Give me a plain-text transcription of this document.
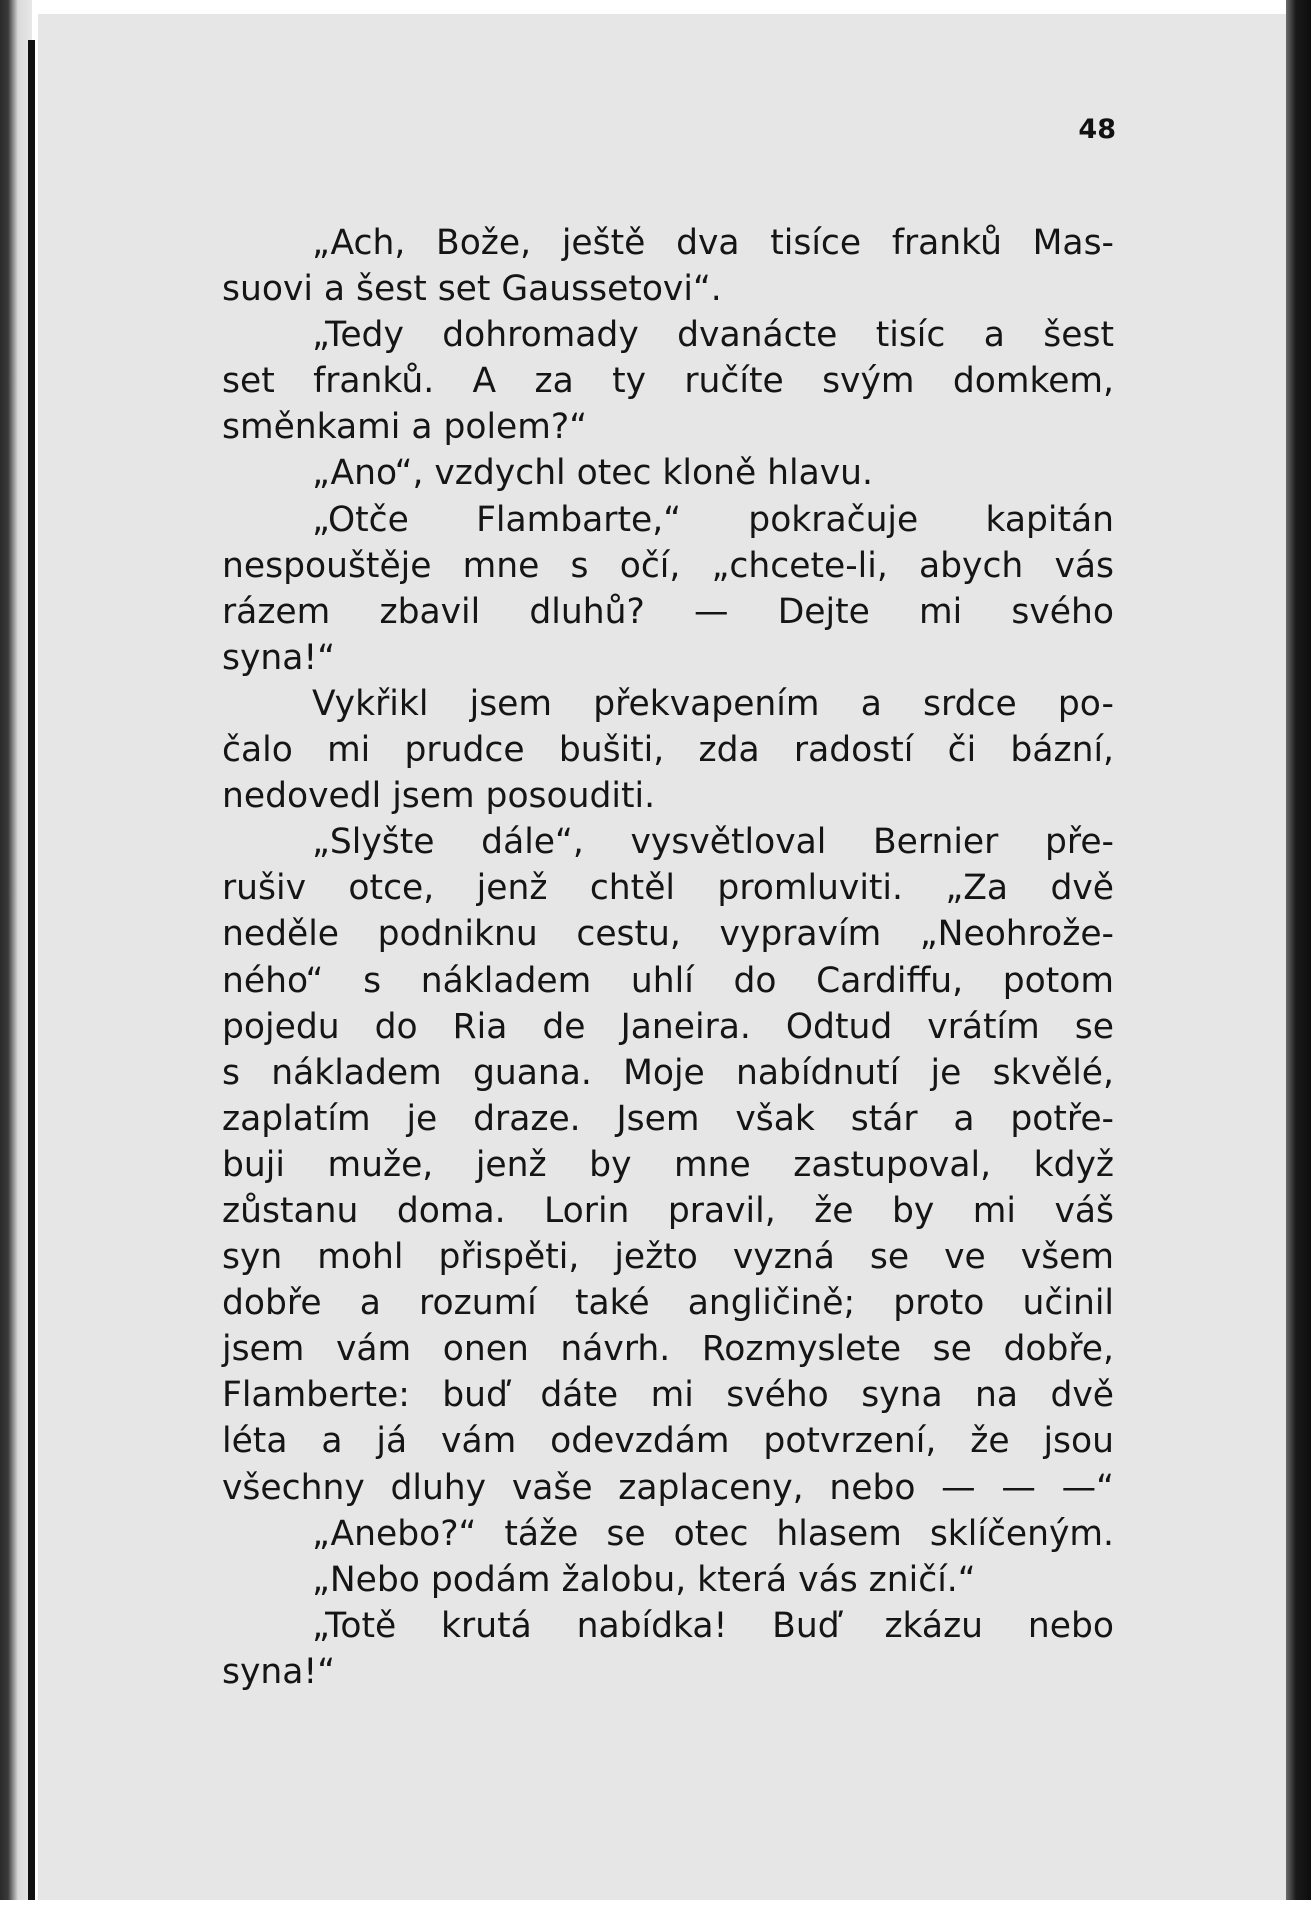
48
„Ach, Bože, ještě dva tisíce franků Mas-
suovi a šest set Gaussetovi“.
„Tedy dohromady dvanácte tisíc a šest
set franků. A za ty ručíte svým domkem,
směnkami a polem?“
„Ano“, vzdychl otec kloně hlavu.
„Otče Flambarte,“ pokračuje kapitán
nespouštěje mne s očí, „chcete-li, abych vás
rázem zbavil dluhů? — Dejte mi svého
syna!“
Vykřikl jsem překvapením a srdce po-
čalo mi prudce bušiti, zda radostí či bázní,
nedovedl jsem posouditi.
„Slyšte dále“, vysvětloval Bernier pře-
rušiv otce, jenž chtěl promluviti. „Za dvě
neděle podniknu cestu, vypravím „Neohrože-
ného“ s nákladem uhlí do Cardiffu, potom
pojedu do Ria de Janeira. Odtud vrátím se
s nákladem guana. Moje nabídnutí je skvělé,
zaplatím je draze. Jsem však stár a potře-
buji muže, jenž by mne zastupoval, když
zůstanu doma. Lorin pravil, že by mi váš
syn mohl přispěti, ježto vyzná se ve všem
dobře a rozumí také angličině; proto učinil
jsem vám onen návrh. Rozmyslete se dobře,
Flamberte: buď dáte mi svého syna na dvě
léta a já vám odevzdám potvrzení, že jsou
všechny dluhy vaše zaplaceny, nebo — — —“
„Anebo?“ táže se otec hlasem sklíčeným.
„Nebo podám žalobu, která vás zničí.“
„Totě krutá nabídka! Buď zkázu nebo
syna!“
